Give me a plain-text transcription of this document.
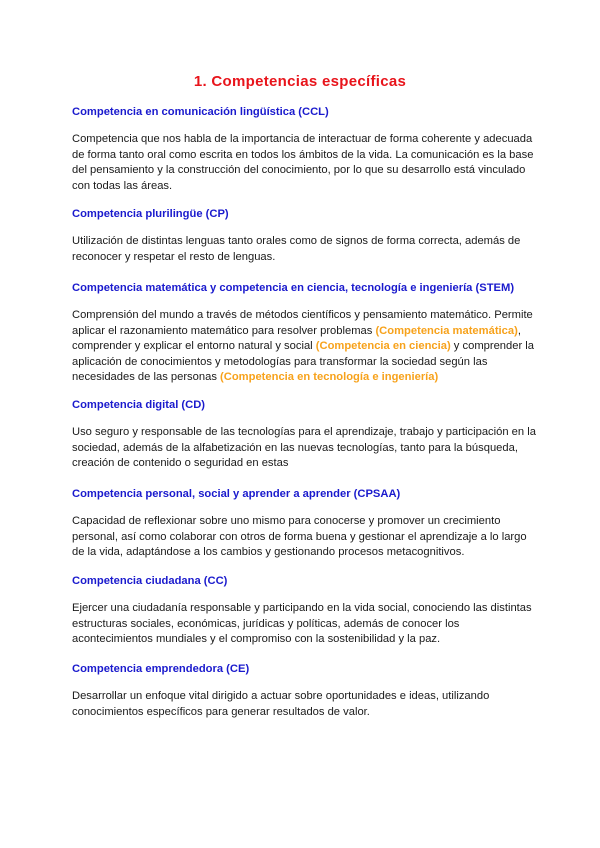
1. Competencias específicas
Competencia en comunicación lingüística (CCL)

Competencia que nos habla de la importancia de interactuar de forma coherente y adecuada de forma tanto oral como escrita en todos los ámbitos de la vida. La comunicación es la base del pensamiento y la construcción del conocimiento, por lo que su desarrollo está vinculado con todas las áreas.

Competencia plurilingüe (CP)

Utilización de distintas lenguas tanto orales como de signos de forma correcta, además de reconocer y respetar el resto de lenguas.

Competencia matemática y competencia en ciencia, tecnología e ingeniería (STEM)

Comprensión del mundo a través de métodos científicos y pensamiento matemático. Permite aplicar el razonamiento matemático para resolver problemas (Competencia matemática), comprender y explicar el entorno natural y social (Competencia en ciencia) y comprender la aplicación de conocimientos y metodologías para transformar la sociedad según las necesidades de las personas (Competencia en tecnología e ingeniería)

Competencia digital (CD)

Uso seguro y responsable de las tecnologías para el aprendizaje, trabajo y participación en la sociedad, además de la alfabetización en las nuevas tecnologías, tanto para la búsqueda, creación de contenido o seguridad en estas

Competencia personal, social y aprender a aprender (CPSAA)

Capacidad de reflexionar sobre uno mismo para conocerse y promover un crecimiento personal, así como colaborar con otros de forma buena y gestionar el aprendizaje a lo largo de la vida, adaptándose a los cambios y gestionando procesos metacognitivos.

Competencia ciudadana (CC)

Ejercer una ciudadanía responsable y participando en la vida social, conociendo las distintas estructuras sociales, económicas, jurídicas y políticas, además de conocer los acontecimientos mundiales y el compromiso con la sostenibilidad y la paz.

Competencia emprendedora (CE)

Desarrollar un enfoque vital dirigido a actuar sobre oportunidades e ideas, utilizando conocimientos específicos para generar resultados de valor.
